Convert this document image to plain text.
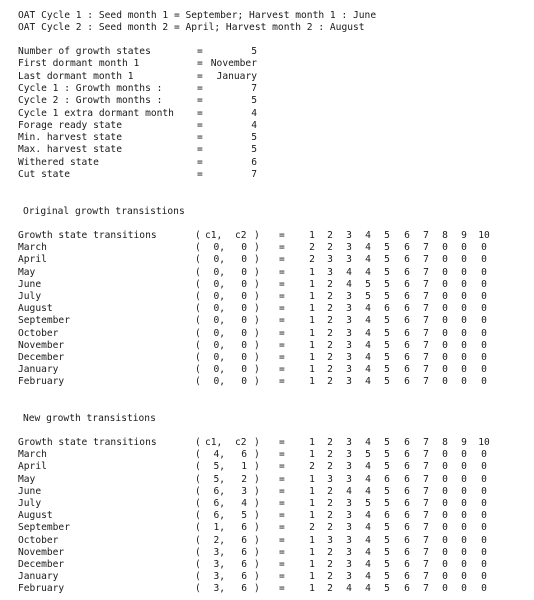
OAT Cycle 1 : Seed month 1 = September; Harvest month 1 : June
OAT Cycle 2 : Seed month 2 = April; Harvest month 2 : August
Number of growth states	=	5
First dormant month 1	= November
Last dormant month 1	=	January
Cycle 1 : Growth months :	=	7
Cycle 2 : Growth months :	=	5
Cycle 1 extra dormant month =	4
Forage ready state	=	4
Min. harvest state	=	5
Max. harvest state	=	5
Withered state	=	6
Cut state	=	7
Original growth transistions
Growth state transitions	( c1, c2 ) =	1	2	3	4	5	6	7	8	9	10
March	(	0,	0 ) =	2	2	3	4	5	6	7	0	0	0
April	(	0,	0 ) =	2	3	3	4	5	6	7	0	0	0
May	(	0,	0 ) =	1	3	4	4	5	6	7	0	0	0
June	(	0,	0 ) =	1	2	4	5	5	6	7	0	0	0
July	(	0,	0 ) =	1	2	3	5	5	6	7	0	0	0
August	(	0,	0 ) =	1	2	3	4	6	6	7	0	0	0
September	(	0,	0 ) =	1	2	3	4	5	6	7	0	0	0
October	(	0,	0 ) =	1	2	3	4	5	6	7	0	0	0
November	(	0,	0 ) =	1	2	3	4	5	6	7	0	0	0
December	(	0,	0 ) =	1	2	3	4	5	6	7	0	0	0
January	(	0,	0 ) =	1	2	3	4	5	6	7	0	0	0
February	(	0,	0 ) =	1	2	3	4	5	6	7	0	0	0
New growth transistions
Growth state transitions	( c1, c2 ) =	1	2	3	4	5	6	7	8	9	10
March	(	4,	6 ) =	1	2	3	5	5	6	7	0	0	0
April	(	5,	1 ) =	2	2	3	4	5	6	7	0	0	0
May	(	5,	2 ) =	1	3	3	4	6	6	7	0	0	0
June	(	6,	3 ) =	1	2	4	4	5	6	7	0	0	0
July	(	6,	4 ) =	1	2	3	5	5	6	7	0	0	0
August	(	6,	5 ) =	1	2	3	4	6	6	7	0	0	0
September	(	1,	6 ) =	2	2	3	4	5	6	7	0	0	0
October	(	2,	6 ) =	1	3	3	4	5	6	7	0	0	0
November	(	3,	6 ) =	1	2	3	4	5	6	7	0	0	0
December	(	3,	6 ) =	1	2	3	4	5	6	7	0	0	0
January	(	3,	6 ) =	1	2	3	4	5	6	7	0	0	0
February	(	3,	6 ) =	1	2	4	4	5	6	7	0	0	0
